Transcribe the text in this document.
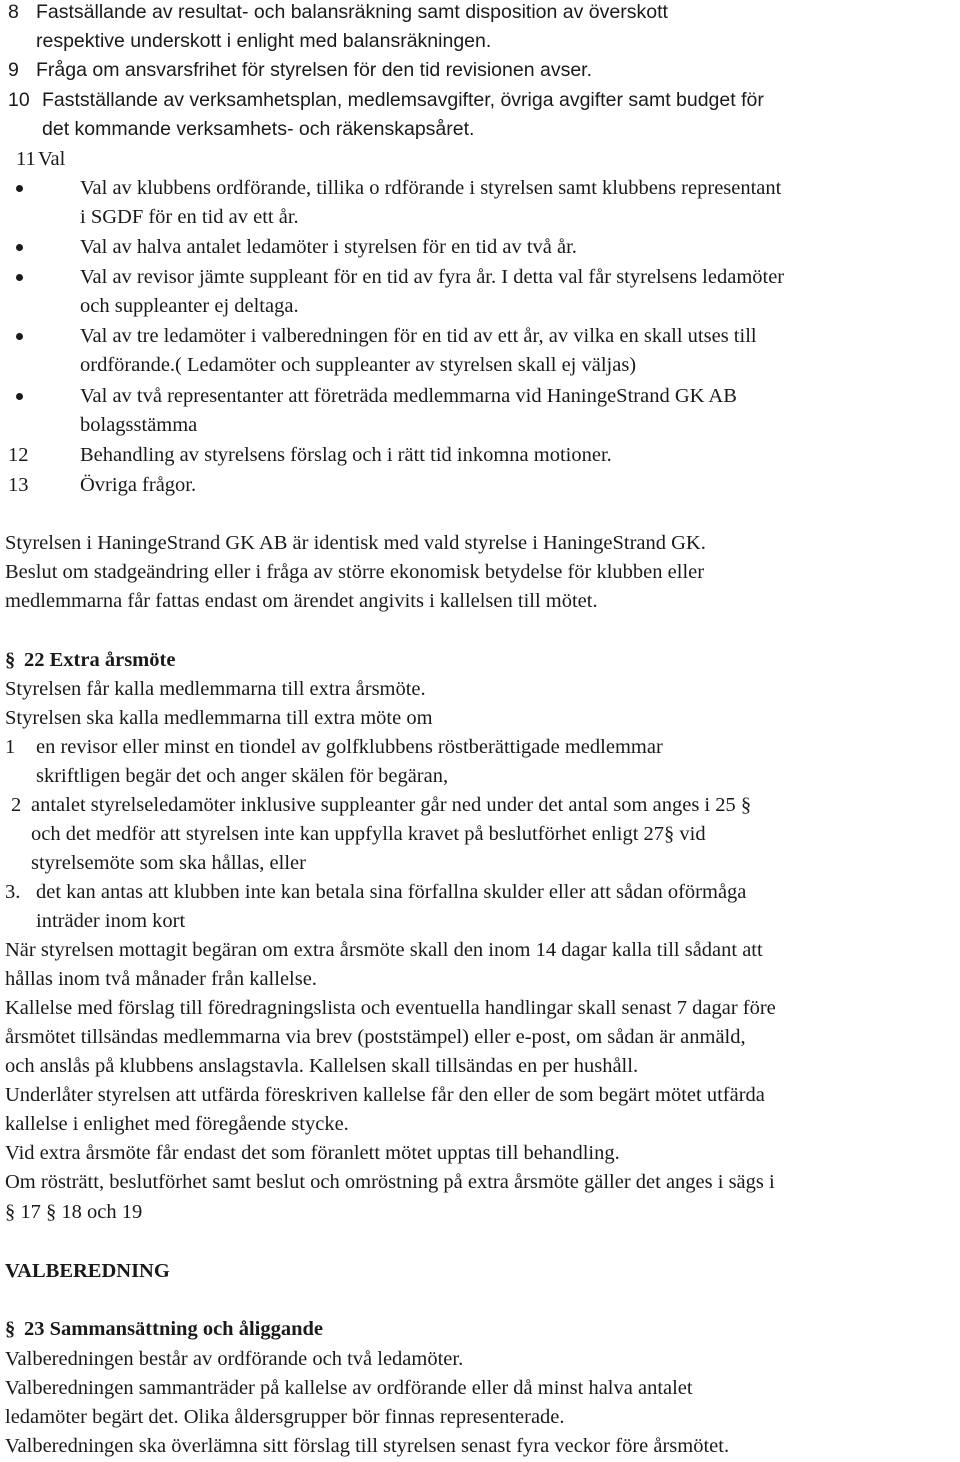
8 Fastsällande av resultat- och balansräkning samt disposition av överskott
respektive underskott i enlight med balansräkningen.
9 Fråga om ansvarsfrihet för styrelsen för den tid revisionen avser.
10 Fastställande av verksamhetsplan, medlemsavgifter, övriga avgifter samt budget för
det kommande verksamhets- och räkenskapsåret.
11 Val
Val av klubbens ordförande, tillika o rdförande i styrelsen samt klubbens representant
i SGDF för en tid av ett år.
Val av halva antalet ledamöter i styrelsen för en tid av två år.
Val av revisor jämte suppleant för en tid av fyra år. I detta val får styrelsens ledamöter
och suppleanter ej deltaga.
Val av tre ledamöter i valberedningen för en tid av ett år, av vilka en skall utses till
ordförande.( Ledamöter och suppleanter av styrelsen skall ej väljas)
Val av två representanter att företräda medlemmarna vid HaningeStrand GK AB
bolagsstämma
12	Behandling av styrelsens förslag och i rätt tid inkomna motioner.
13	Övriga frågor.
Styrelsen i HaningeStrand GK AB är identisk med vald styrelse i HaningeStrand GK.
Beslut om stadgeändring eller i fråga av större ekonomisk betydelse för klubben eller
medlemmarna får fattas endast om ärendet angivits i kallelsen till mötet.
§ 22 Extra årsmöte
Styrelsen får kalla medlemmarna till extra årsmöte.
Styrelsen ska kalla medlemmarna till extra möte om
1 en revisor eller minst en tiondel av golfklubbens röstberättigade medlemmar
skriftligen begär det och anger skälen för begäran,
2 antalet styrelseledamöter inklusive suppleanter går ned under det antal som anges i 25 §
och det medför att styrelsen inte kan uppfylla kravet på beslutförhet enligt 27§ vid
styrelsemöte som ska hållas, eller
3. det kan antas att klubben inte kan betala sina förfallna skulder eller att sådan oförmåga
inträder inom kort
När styrelsen mottagit begäran om extra årsmöte skall den inom 14 dagar kalla till sådant att
hållas inom två månader från kallelse.
Kallelse med förslag till föredragningslista och eventuella handlingar skall senast 7 dagar före
årsmötet tillsändas medlemmarna via brev (poststämpel) eller e-post, om sådan är anmäld,
och anslås på klubbens anslagstavla. Kallelsen skall tillsändas en per hushåll.
Underlåter styrelsen att utfärda föreskriven kallelse får den eller de som begärt mötet utfärda
kallelse i enlighet med föregående stycke.
Vid extra årsmöte får endast det som föranlett mötet upptas till behandling.
Om rösträtt, beslutförhet samt beslut och omröstning på extra årsmöte gäller det anges i sägs i
§ 17 § 18 och 19
VALBEREDNING
§ 23 Sammansättning och åliggande
Valberedningen består av ordförande och två ledamöter.
Valberedningen sammanträder på kallelse av ordförande eller då minst halva antalet
ledamöter begärt det. Olika åldersgrupper bör finnas representerade.
Valberedningen ska överlämna sitt förslag till styrelsen senast fyra veckor före årsmötet.
